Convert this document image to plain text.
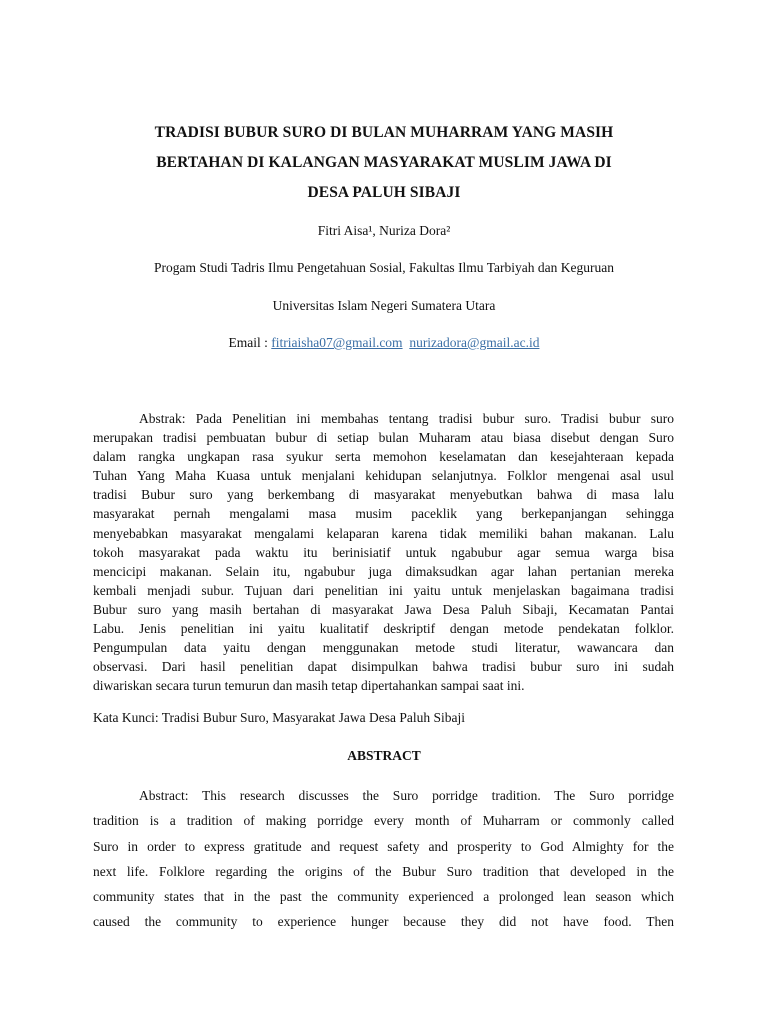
TRADISI BUBUR SURO DI BULAN MUHARRAM YANG MASIH
BERTAHAN DI KALANGAN MASYARAKAT MUSLIM JAWA DI
DESA PALUH SIBAJI
Fitri Aisa¹, Nuriza Dora²
Progam Studi Tadris Ilmu Pengetahuan Sosial, Fakultas Ilmu Tarbiyah dan Keguruan
Universitas Islam Negeri Sumatera Utara
Email : fitriaisha07@gmail.com nurizadora@gmail.ac.id
Abstrak: Pada Penelitian ini membahas tentang tradisi bubur suro. Tradisi bubur suro
merupakan tradisi pembuatan bubur di setiap bulan Muharam atau biasa disebut dengan Suro
dalam rangka ungkapan rasa syukur serta memohon keselamatan dan kesejahteraan kepada
Tuhan Yang Maha Kuasa untuk menjalani kehidupan selanjutnya. Folklor mengenai asal usul
tradisi Bubur suro yang berkembang di masyarakat menyebutkan bahwa di masa lalu
masyarakat pernah mengalami masa musim paceklik yang berkepanjangan sehingga
menyebabkan masyarakat mengalami kelaparan karena tidak memiliki bahan makanan. Lalu
tokoh masyarakat pada waktu itu berinisiatif untuk ngabubur agar semua warga bisa
mencicipi makanan. Selain itu, ngabubur juga dimaksudkan agar lahan pertanian mereka
kembali menjadi subur. Tujuan dari penelitian ini yaitu untuk menjelaskan bagaimana tradisi
Bubur suro yang masih bertahan di masyarakat Jawa Desa Paluh Sibaji, Kecamatan Pantai
Labu. Jenis penelitian ini yaitu kualitatif deskriptif dengan metode pendekatan folklor.
Pengumpulan data yaitu dengan menggunakan metode studi literatur, wawancara dan
observasi. Dari hasil penelitian dapat disimpulkan bahwa tradisi bubur suro ini sudah
diwariskan secara turun temurun dan masih tetap dipertahankan sampai saat ini.
Kata Kunci: Tradisi Bubur Suro, Masyarakat Jawa Desa Paluh Sibaji
ABSTRACT
Abstract: This research discusses the Suro porridge tradition. The Suro porridge
tradition is a tradition of making porridge every month of Muharram or commonly called
Suro in order to express gratitude and request safety and prosperity to God Almighty for the
next life. Folklore regarding the origins of the Bubur Suro tradition that developed in the
community states that in the past the community experienced a prolonged lean season which
caused the community to experience hunger because they did not have food. Then
